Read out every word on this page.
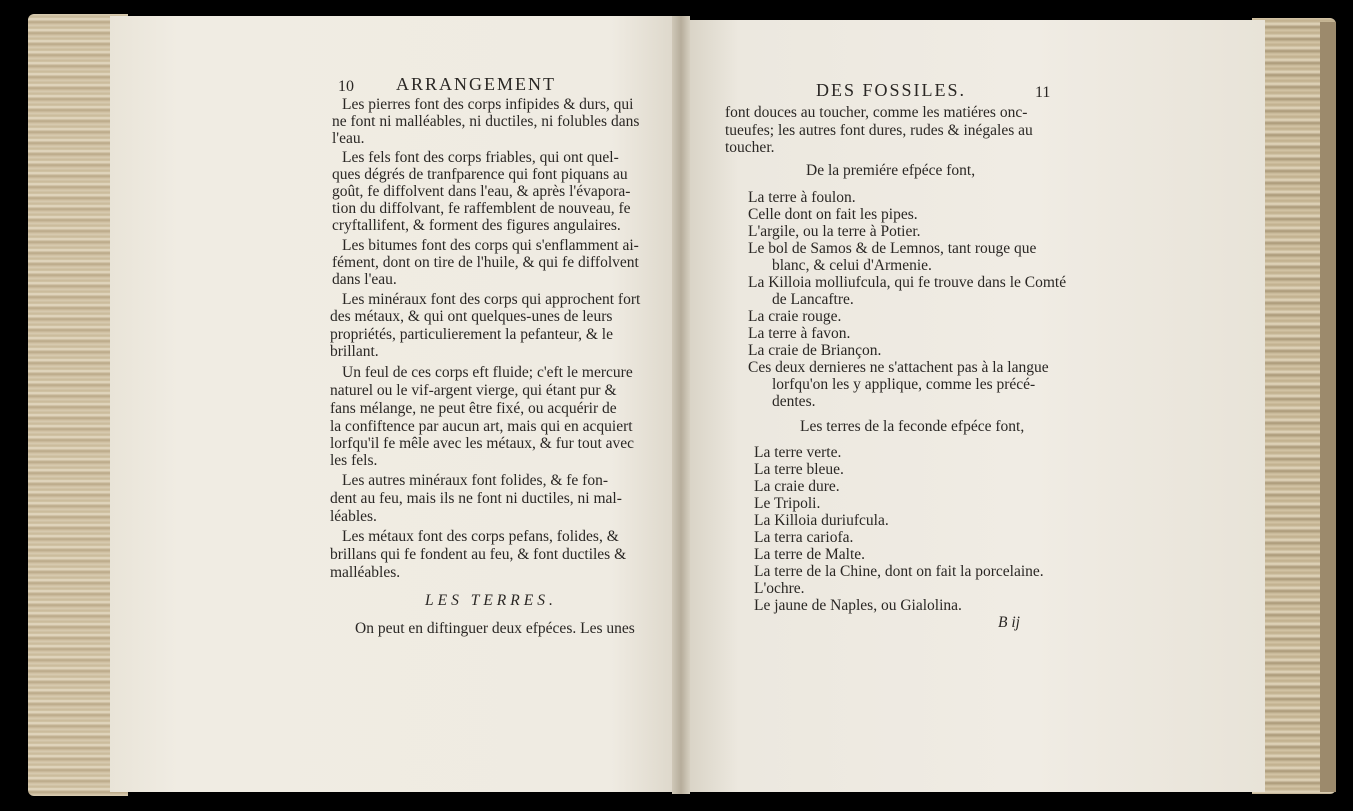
10 ARRANGEMENT
Les pierres font des corps infipides & durs, qui
ne font ni malléables, ni ductiles, ni folubles dans
l'eau.
Les fels font des corps friables, qui ont quel-
ques dégrés de tranfparence qui font piquans au
goût, fe diffolvent dans l'eau, & après l'évapora-
tion du diffolvant, fe raffemblent de nouveau, fe
cryftallifent, & forment des figures angulaires.
Les bitumes font des corps qui s'enflamment ai-
fément, dont on tire de l'huile, & qui fe diffolvent
dans l'eau.
Les minéraux font des corps qui approchent fort
des métaux, & qui ont quelques-unes de leurs
propriétés, particulierement la pefanteur, & le
brillant.
Un feul de ces corps eft fluide; c'eft le mercure
naturel ou le vif-argent vierge, qui étant pur &
fans mélange, ne peut être fixé, ou acquérir de
la confiftence par aucun art, mais qui en acquiert
lorfqu'il fe mêle avec les métaux, & fur tout avec
les fels.
Les autres minéraux font folides, & fe fon-
dent au feu, mais ils ne font ni ductiles, ni mal-
léables.
Les métaux font des corps pefans, folides, &
brillans qui fe fondent au feu, & font ductiles &
malléables.
LES TERRES.
On peut en diftinguer deux efpéces. Les unes
DES FOSSILES.	11
font douces au toucher, comme les matiéres onc-
tueufes; les autres font dures, rudes & inégales au
toucher.
De la premiére efpéce font,
La terre à foulon.
Celle dont on fait les pipes.
L'argile, ou la terre à Potier.
Le bol de Samos & de Lemnos, tant rouge que
blanc, & celui d'Armenie.
La Killoia molliufcula, qui fe trouve dans le Comté
de Lancaftre.
La craie rouge.
La terre à favon.
La craie de Briançon.
Ces deux dernieres ne s'attachent pas à la langue
lorfqu'on les y applique, comme les précé-
dentes.
Les terres de la feconde efpéce font,
La terre verte.
La terre bleue.
La craie dure.
Le Tripoli.
La Killoia duriufcula.
La terra cariofa.
La terre de Malte.
La terre de la Chine, dont on fait la porcelaine.
L'ochre.
Le jaune de Naples, ou Gialolina.
B ij
